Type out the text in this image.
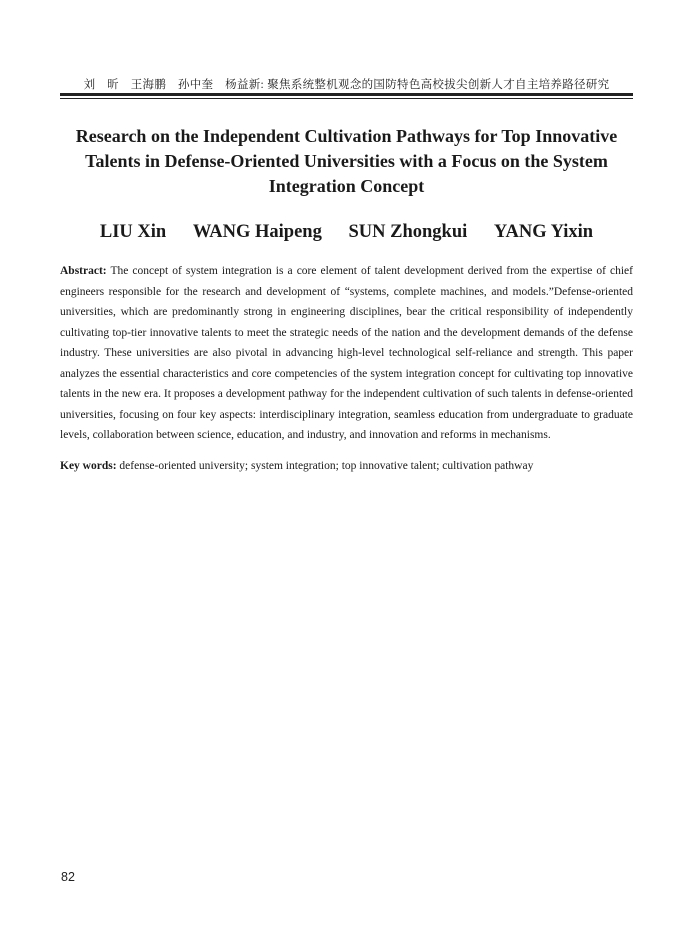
刘　昕　王海鹏　孙中奎　杨益新: 聚焦系统整机观念的国防特色高校拔尖创新人才自主培养路径研究
Research on the Independent Cultivation Pathways for Top Innovative Talents in Defense-Oriented Universities with a Focus on the System Integration Concept
LIU Xin WANG Haipeng SUN Zhongkui YANG Yixin

Abstract: The concept of system integration is a core element of talent development derived from the expertise of chief engineers responsible for the research and development of “systems, complete machines, and models.”Defense-oriented universities, which are predominantly strong in engineering disciplines, bear the critical responsibility of independently cultivating top-tier innovative talents to meet the strategic needs of the nation and the development demands of the defense industry. These universities are also pivotal in advancing high-level technological self-reliance and strength. This paper analyzes the essential characteristics and core competencies of the system integration concept for cultivating top innovative talents in the new era. It proposes a development pathway for the independent cultivation of such talents in defense-oriented universities, focusing on four key aspects: interdisciplinary integration, seamless education from undergraduate to graduate levels, collaboration between science, education, and industry, and innovation and reforms in mechanisms.

Key words: defense-oriented university; system integration; top innovative talent; cultivation pathway

82
